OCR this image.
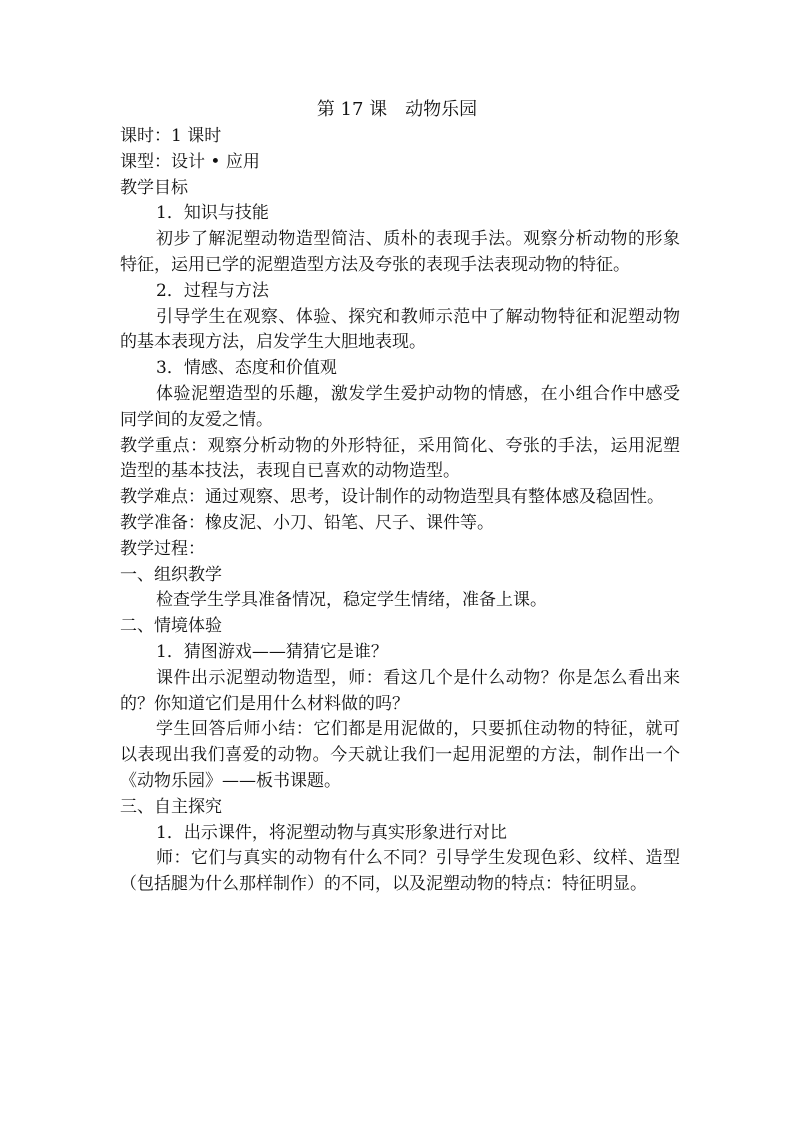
第 17 课　动物乐园

课时：1 课时

课型：设计 • 应用

教学目标

1．知识与技能

初步了解泥塑动物造型简洁、质朴的表现手法。观察分析动物的形象特征，运用已学的泥塑造型方法及夸张的表现手法表现动物的特征。

2．过程与方法

引导学生在观察、体验、探究和教师示范中了解动物特征和泥塑动物的基本表现方法，启发学生大胆地表现。

3．情感、态度和价值观

体验泥塑造型的乐趣，激发学生爱护动物的情感，在小组合作中感受同学间的友爱之情。

教学重点：观察分析动物的外形特征，采用简化、夸张的手法，运用泥塑造型的基本技法，表现自已喜欢的动物造型。

教学难点：通过观察、思考，设计制作的动物造型具有整体感及稳固性。

教学准备：橡皮泥、小刀、铅笔、尺子、课件等。

教学过程：

一、组织教学

检查学生学具准备情况，稳定学生情绪，准备上课。

二、情境体验

1．猜图游戏——猜猜它是谁？

课件出示泥塑动物造型，师：看这几个是什么动物？你是怎么看出来的？你知道它们是用什么材料做的吗？

学生回答后师小结：它们都是用泥做的，只要抓住动物的特征，就可以表现出我们喜爱的动物。今天就让我们一起用泥塑的方法，制作出一个《动物乐园》——板书课题。

三、自主探究

1．出示课件，将泥塑动物与真实形象进行对比

师：它们与真实的动物有什么不同？引导学生发现色彩、纹样、造型（包括腿为什么那样制作）的不同，以及泥塑动物的特点：特征明显。
